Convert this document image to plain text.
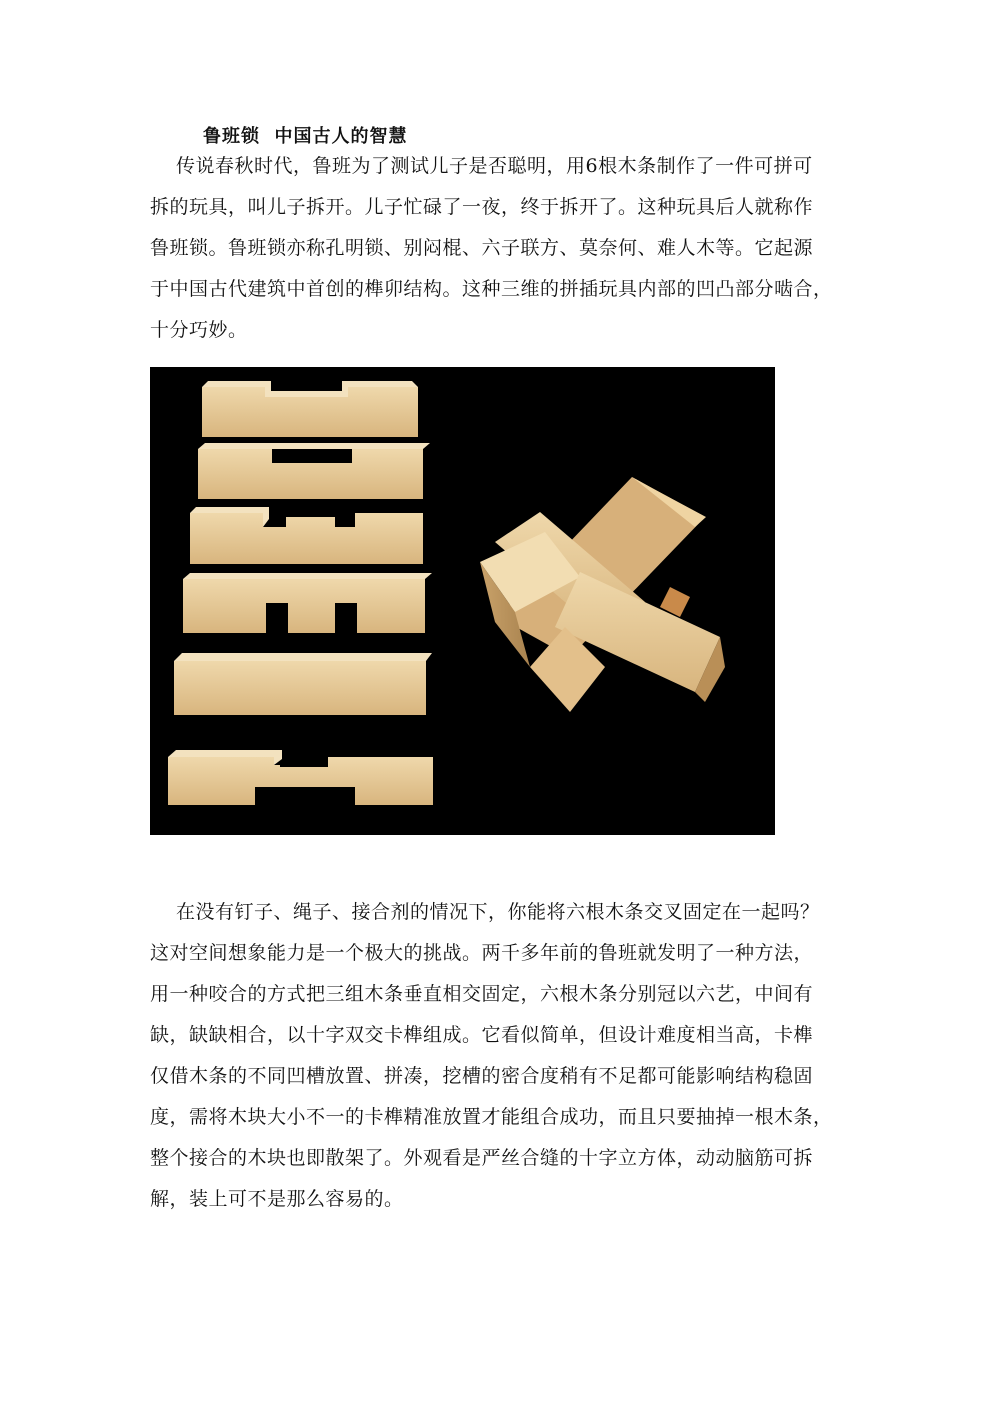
鲁班锁  中国古人的智慧
传说春秋时代，鲁班为了测试儿子是否聪明，用6根木条制作了一件可拼可
拆的玩具，叫儿子拆开。儿子忙碌了一夜，终于拆开了。这种玩具后人就称作
鲁班锁。鲁班锁亦称孔明锁、别闷棍、六子联方、莫奈何、难人木等。它起源
于中国古代建筑中首创的榫卯结构。这种三维的拼插玩具内部的凹凸部分啮合，
十分巧妙。
在没有钉子、绳子、接合剂的情况下，你能将六根木条交叉固定在一起吗？
这对空间想象能力是一个极大的挑战。两千多年前的鲁班就发明了一种方法，
用一种咬合的方式把三组木条垂直相交固定，六根木条分别冠以六艺，中间有
缺，缺缺相合，以十字双交卡榫组成。它看似简单，但设计难度相当高，卡榫
仅借木条的不同凹槽放置、拼凑，挖槽的密合度稍有不足都可能影响结构稳固
度，需将木块大小不一的卡榫精准放置才能组合成功，而且只要抽掉一根木条，
整个接合的木块也即散架了。外观看是严丝合缝的十字立方体，动动脑筋可拆
解，装上可不是那么容易的。
